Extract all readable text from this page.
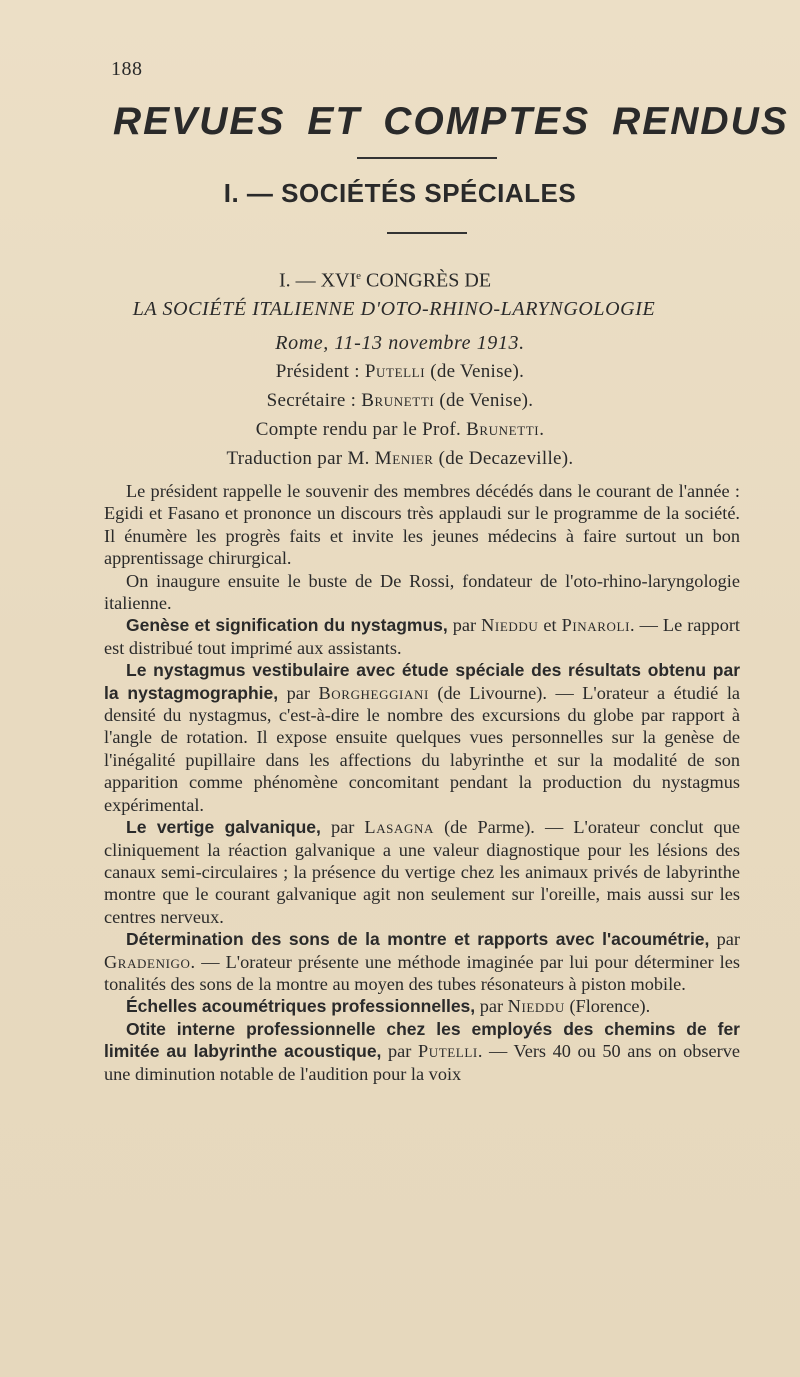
188
REVUES ET COMPTES RENDUS
I. — SOCIÉTÉS SPÉCIALES
I. — XVIe CONGRÈS DE
LA SOCIÉTÉ ITALIENNE D'OTO-RHINO-LARYNGOLOGIE
Rome, 11-13 novembre 1913.
Président : Putelli (de Venise).
Secrétaire : Brunetti (de Venise).
Compte rendu par le Prof. Brunetti.
Traduction par M. Menier (de Decazeville).

Le président rappelle le souvenir des membres décédés dans le courant de l'année : Egidi et Fasano et prononce un discours très applaudi sur le programme de la société. Il énumère les progrès faits et invite les jeunes médecins à faire surtout un bon apprentissage chirurgical.

On inaugure ensuite le buste de De Rossi, fondateur de l'oto-rhino-laryngologie italienne.

Genèse et signification du nystagmus, par Nieddu et Pinaroli. — Le rapport est distribué tout imprimé aux assistants.

Le nystagmus vestibulaire avec étude spéciale des résultats obtenu par la nystagmographie, par Borgheggiani (de Livourne). — L'orateur a étudié la densité du nystagmus, c'est-à-dire le nombre des excursions du globe par rapport à l'angle de rotation. Il expose ensuite quelques vues personnelles sur la genèse de l'inégalité pupillaire dans les affections du labyrinthe et sur la modalité de son apparition comme phénomène concomitant pendant la production du nystagmus expérimental.

Le vertige galvanique, par Lasagna (de Parme). — L'orateur conclut que cliniquement la réaction galvanique a une valeur diagnostique pour les lésions des canaux semi-circulaires ; la présence du vertige chez les animaux privés de labyrinthe montre que le courant galvanique agit non seulement sur l'oreille, mais aussi sur les centres nerveux.

Détermination des sons de la montre et rapports avec l'acoumétrie, par Gradenigo. — L'orateur présente une méthode imaginée par lui pour déterminer les tonalités des sons de la montre au moyen des tubes résonateurs à piston mobile.

Échelles acoumétriques professionnelles, par Nieddu (Florence).

Otite interne professionnelle chez les employés des chemins de fer limitée au labyrinthe acoustique, par Putelli. — Vers 40 ou 50 ans on observe une diminution notable de l'audition pour la voix
